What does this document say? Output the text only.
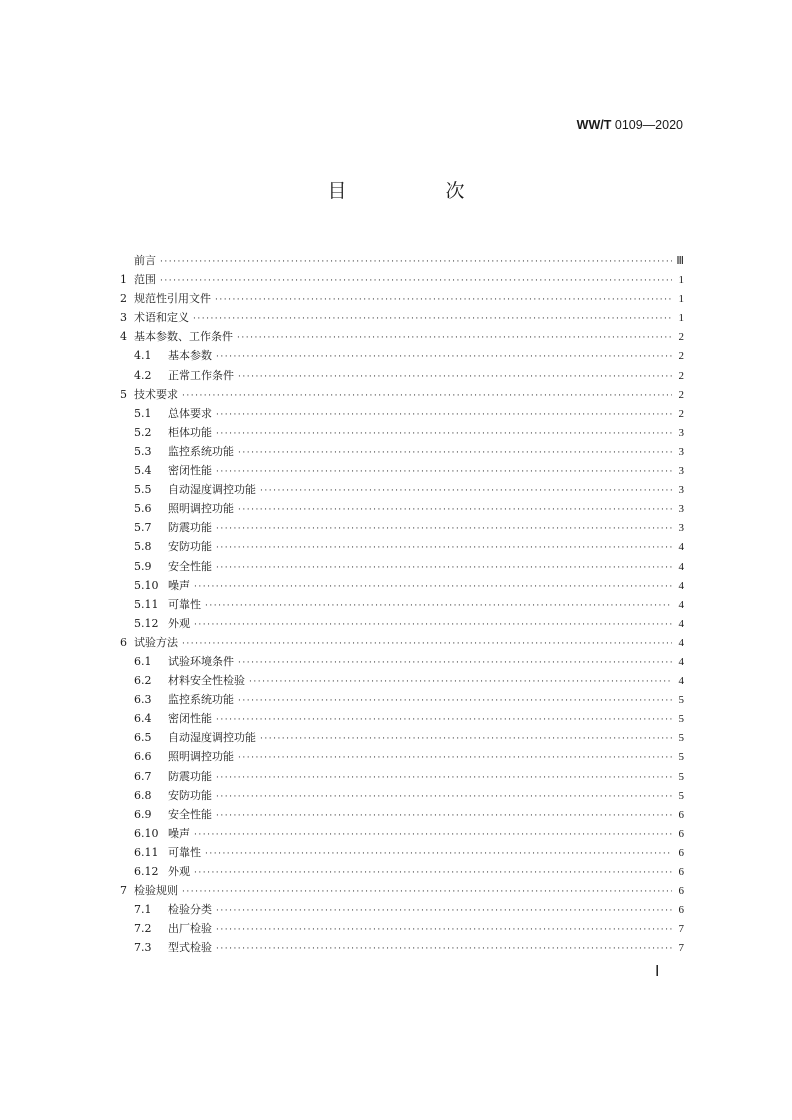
WW/T 0109—2020
目　次
前言 ·····	Ⅲ
1 范围 ·····	1
2 规范性引用文件 ·····	1
3 术语和定义 ·····	1
4 基本参数、工作条件 ·····	2
4.1	基本参数 ·····	2
4.2	正常工作条件 ·····	2
5 技术要求 ·····	2
5.1	总体要求 ·····	2
5.2	柜体功能 ·····	3
5.3	监控系统功能 ·····	3
5.4	密闭性能 ·····	3
5.5	自动湿度调控功能 ·····	3
5.6	照明调控功能 ·····	3
5.7	防震功能 ·····	3
5.8	安防功能 ·····	4
5.9	安全性能 ·····	4
5.10 噪声 ·····	4
5.11 可靠性 ·····	4
5.12 外观 ·····	4
6 试验方法 ·····	4
6.1	试验环境条件 ·····	4
6.2	材料安全性检验 ·····	4
6.3	监控系统功能 ·····	5
6.4	密闭性能 ·····	5
6.5	自动湿度调控功能 ·····	5
6.6	照明调控功能 ·····	5
6.7	防震功能 ·····	5
6.8	安防功能 ·····	5
6.9	安全性能 ·····	6
6.10 噪声 ·····	6
6.11 可靠性 ·····	6
6.12 外观 ·····	6
7 检验规则 ·····	6
7.1	检验分类 ·····	6
7.2	出厂检验 ·····	7
7.3	型式检验 ·····	7
Ⅰ
